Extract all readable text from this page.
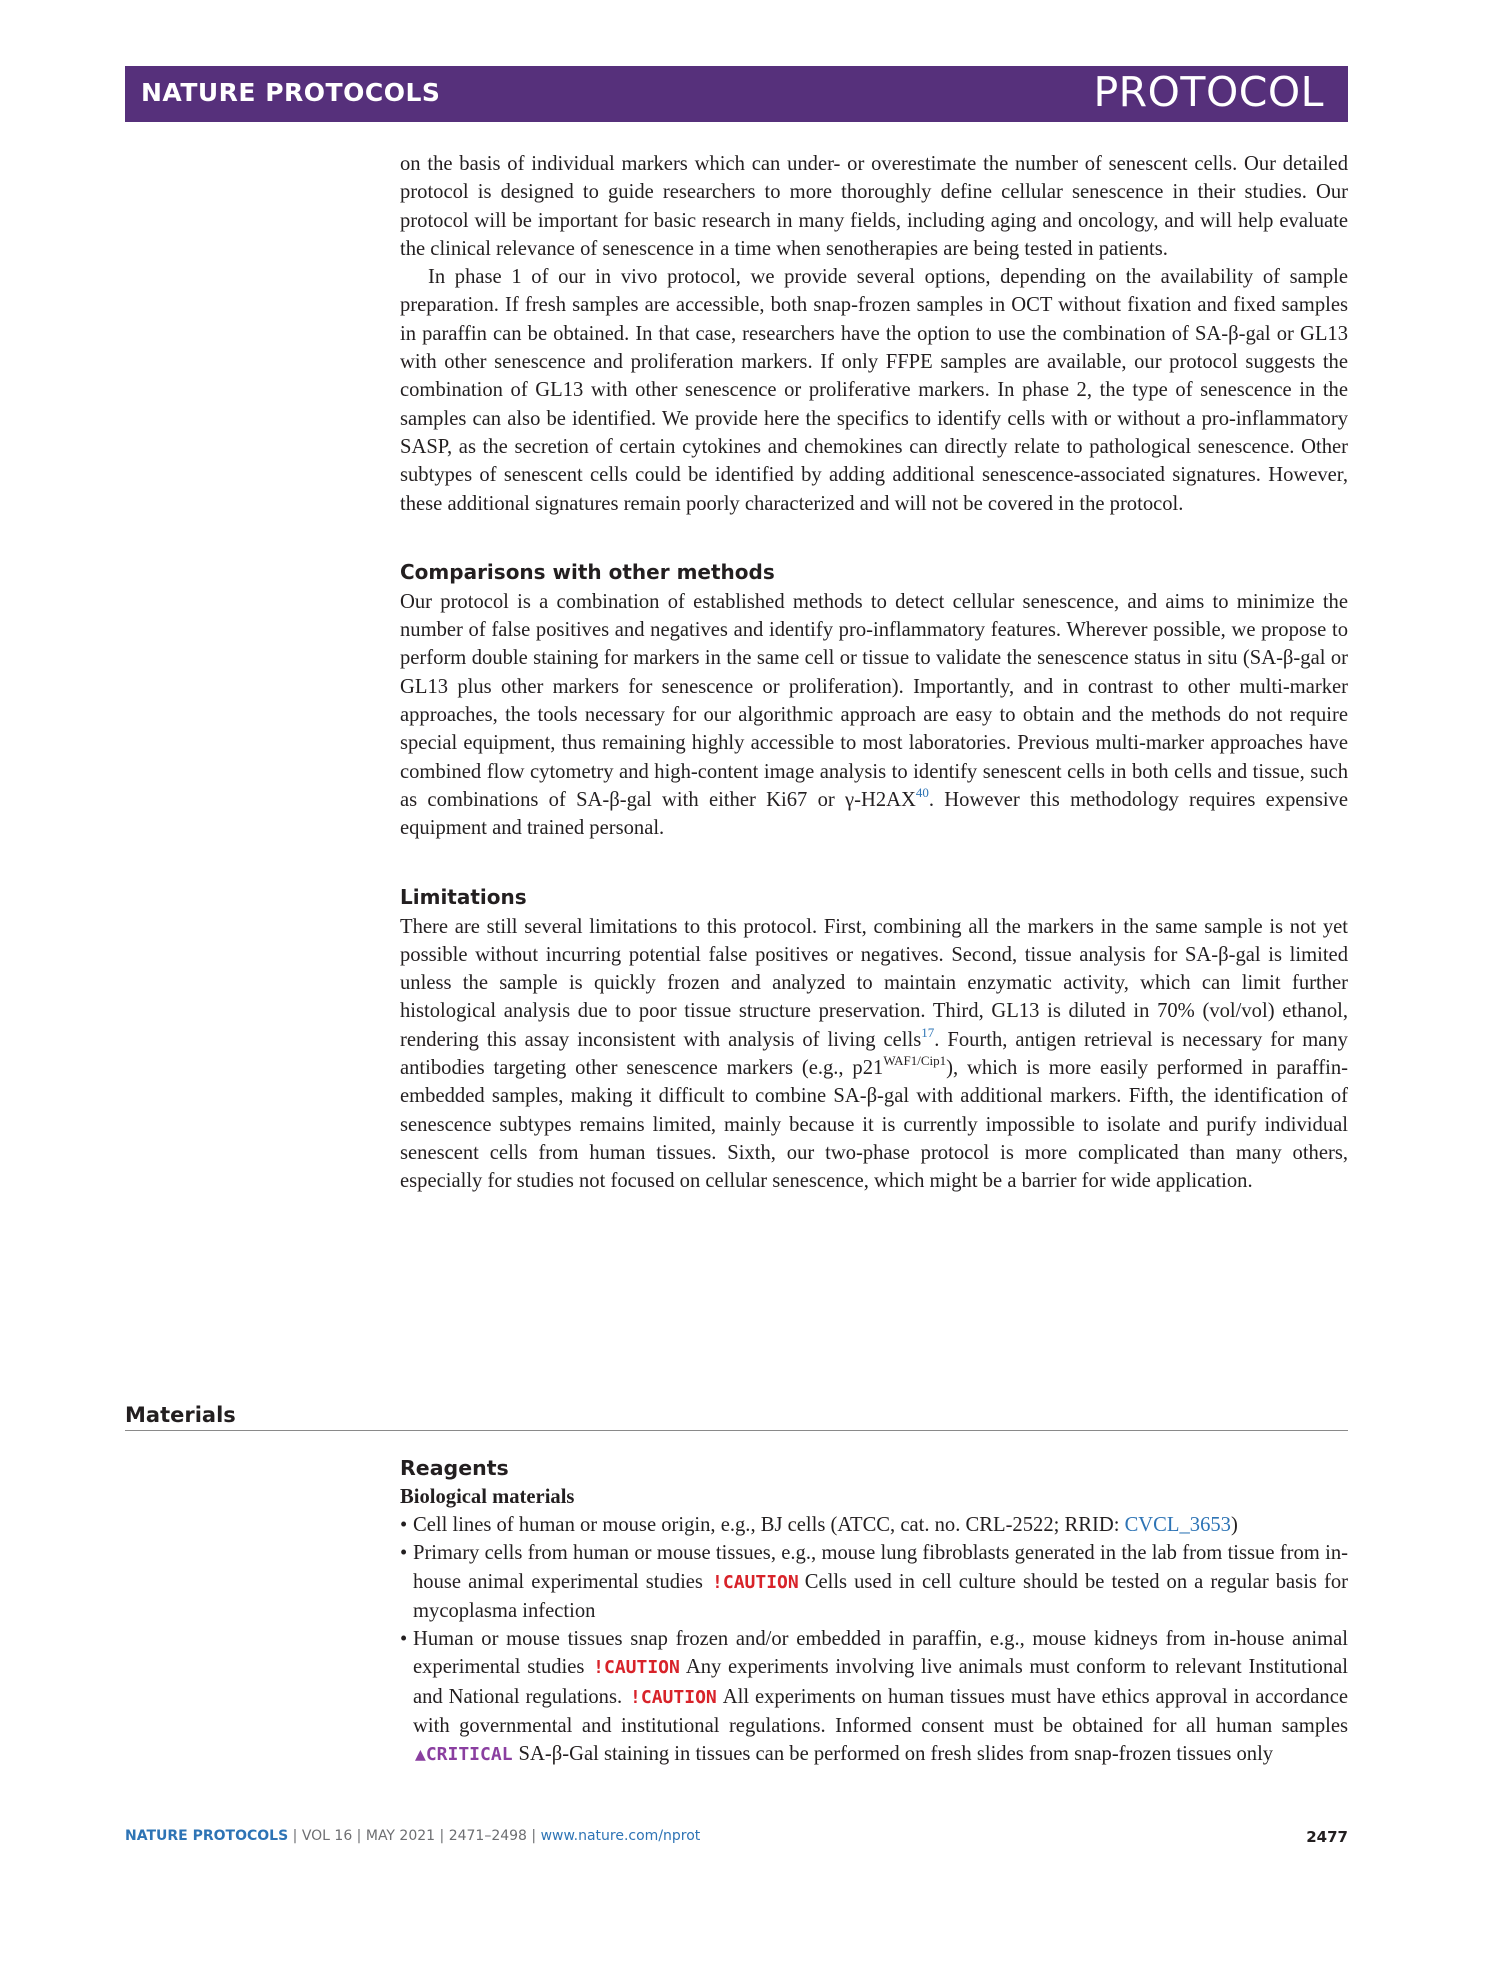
NATURE PROTOCOLS	PROTOCOL

on the basis of individual markers which can under- or overestimate the number of senescent cells. Our detailed protocol is designed to guide researchers to more thoroughly define cellular senescence in their studies. Our protocol will be important for basic research in many fields, including aging and oncology, and will help evaluate the clinical relevance of senescence in a time when senotherapies are being tested in patients.

In phase 1 of our in vivo protocol, we provide several options, depending on the availability of sample preparation. If fresh samples are accessible, both snap-frozen samples in OCT without fixation and fixed samples in paraffin can be obtained. In that case, researchers have the option to use the combination of SA-β-gal or GL13 with other senescence and proliferation markers. If only FFPE samples are available, our protocol suggests the combination of GL13 with other senescence or proliferative markers. In phase 2, the type of senescence in the samples can also be identified. We provide here the specifics to identify cells with or without a pro-inflammatory SASP, as the secretion of certain cytokines and chemokines can directly relate to pathological senescence. Other subtypes of senescent cells could be identified by adding additional senescence-associated signatures. However, these additional signatures remain poorly characterized and will not be covered in the protocol.

Comparisons with other methods

Our protocol is a combination of established methods to detect cellular senescence, and aims to minimize the number of false positives and negatives and identify pro-inflammatory features. Wherever possible, we propose to perform double staining for markers in the same cell or tissue to validate the senescence status in situ (SA-β-gal or GL13 plus other markers for senescence or proliferation). Importantly, and in contrast to other multi-marker approaches, the tools necessary for our algorithmic approach are easy to obtain and the methods do not require special equipment, thus remaining highly accessible to most laboratories. Previous multi-marker approaches have combined flow cytometry and high-content image analysis to identify senescent cells in both cells and tissue, such as combinations of SA-β-gal with either Ki67 or γ-H2AX$^{40}$. However this methodology requires expensive equipment and trained personal.

Limitations

There are still several limitations to this protocol. First, combining all the markers in the same sample is not yet possible without incurring potential false positives or negatives. Second, tissue analysis for SA-β-gal is limited unless the sample is quickly frozen and analyzed to maintain enzymatic activity, which can limit further histological analysis due to poor tissue structure preservation. Third, GL13 is diluted in 70% (vol/vol) ethanol, rendering this assay inconsistent with analysis of living cells$^{17}$. Fourth, antigen retrieval is necessary for many antibodies targeting other senescence markers (e.g., $p21^{WAF1/Cip1}$), which is more easily performed in paraffin-embedded samples, making it difficult to combine SA-β-gal with additional markers. Fifth, the identification of senescence subtypes remains limited, mainly because it is currently impossible to isolate and purify individual senescent cells from human tissues. Sixth, our two-phase protocol is more complicated than many others, especially for studies not focused on cellular senescence, which might be a barrier for wide application.

Materials
Reagents
Biological materials
• Cell lines of human or mouse origin, e.g., BJ cells (ATCC, cat. no. CRL-2522; RRID: CVCL_3653)
• Primary cells from human or mouse tissues, e.g., mouse lung fibroblasts generated in the lab from tissue from in-house animal experimental studies !CAUTION Cells used in cell culture should be tested on a regular basis for mycoplasma infection
• Human or mouse tissues snap frozen and/or embedded in paraffin, e.g., mouse kidneys from in-house animal experimental studies !CAUTION Any experiments involving live animals must conform to relevant Institutional and National regulations. !CAUTION All experiments on human tissues must have ethics approval in accordance with governmental and institutional regulations. Informed consent must be obtained for all human samples ▲CRITICAL SA-β-Gal staining in tissues can be performed on fresh slides from snap-frozen tissues only
NATURE PROTOCOLS | VOL 16 | MAY 2021 | 2471–2498 | www.nature.com/nprot	2477
